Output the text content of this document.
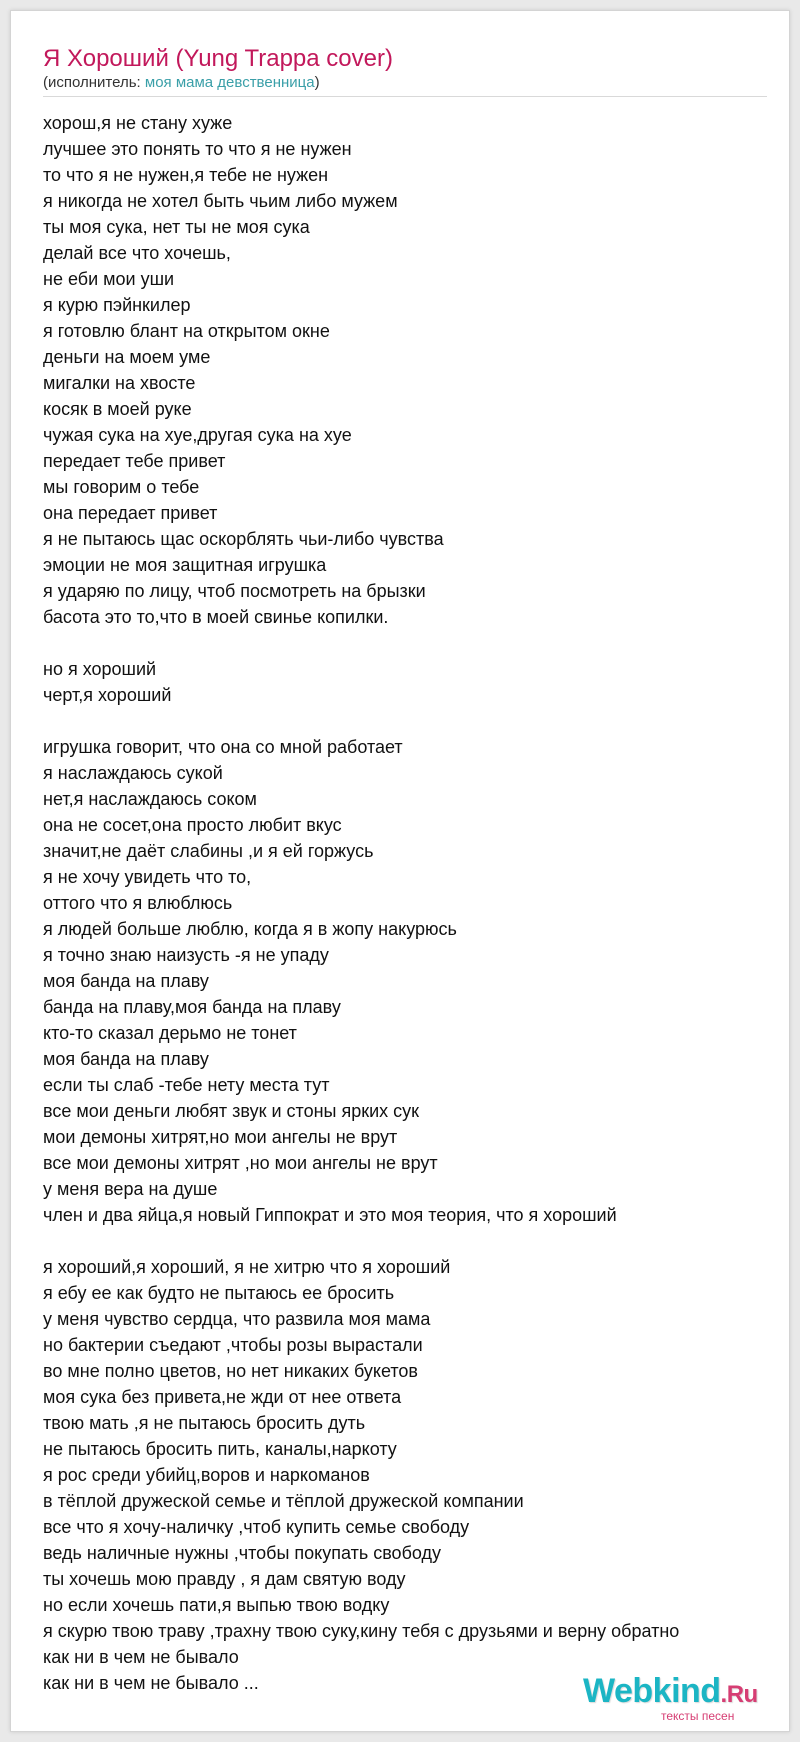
Я Хороший (Yung Trappa cover)
(исполнитель: моя мама девственница)
хорош,я не стану хуже
лучшее это понять то что я не нужен
то что я не нужен,я тебе не нужен
я никогда не хотел быть чьим либо мужем
ты моя сука, нет ты не моя сука
делай все что хочешь,
не еби мои уши
я курю пэйнкилер
я готовлю блант на открытом окне
деньги на моем уме
мигалки на хвосте
косяк в моей руке
чужая сука на хуе,другая сука на хуе
передает тебе привет
мы говорим о тебе
она передает привет
я не пытаюсь щас оскорблять чьи-либо чувства
эмоции не моя защитная игрушка
я ударяю по лицу, чтоб посмотреть на брызки
басота это то,что в моей свинье копилки.
но я хороший
черт,я хороший
игрушка говорит, что она со мной работает
я наслаждаюсь сукой
нет,я наслаждаюсь соком
она не сосет,она просто любит вкус
значит,не даёт слабины ,и я ей горжусь
я не хочу увидеть что то,
оттого что я влюблюсь
я людей больше люблю, когда я в жопу накурюсь
я точно знаю наизусть -я не упаду
моя банда на плаву
банда на плаву,моя банда на плаву
кто-то сказал дерьмо не тонет
моя банда на плаву
если ты слаб -тебе нету места тут
все мои деньги любят звук и стоны ярких сук
мои демоны хитрят,но мои ангелы не врут
все мои демоны хитрят ,но мои ангелы не врут
у меня вера на душе
член и два яйца,я новый Гиппократ и это моя теория, что я хороший
я хороший,я хороший, я не хитрю что я хороший
я ебу ее как будто не пытаюсь ее бросить
у меня чувство сердца, что развила моя мама
но бактерии съедают ,чтобы розы вырастали
во мне полно цветов, но нет никаких букетов
моя сука без привета,не жди от нее ответа
твою мать ,я не пытаюсь бросить дуть
не пытаюсь бросить пить, каналы,наркоту
я рос среди убийц,воров и наркоманов
в тёплой дружеской семье и тёплой дружеской компании
все что я хочу-наличку ,чтоб купить семье свободу
ведь наличные нужны ,чтобы покупать свободу
ты хочешь мою правду , я дам святую воду
но если хочешь пати,я выпью твою водку
я скурю твою траву ,трахну твою суку,кину тебя с друзьями и верну обратно
как ни в чем не бывало
как ни в чем не бывало ...	Webkind.Ru
тексты песен
